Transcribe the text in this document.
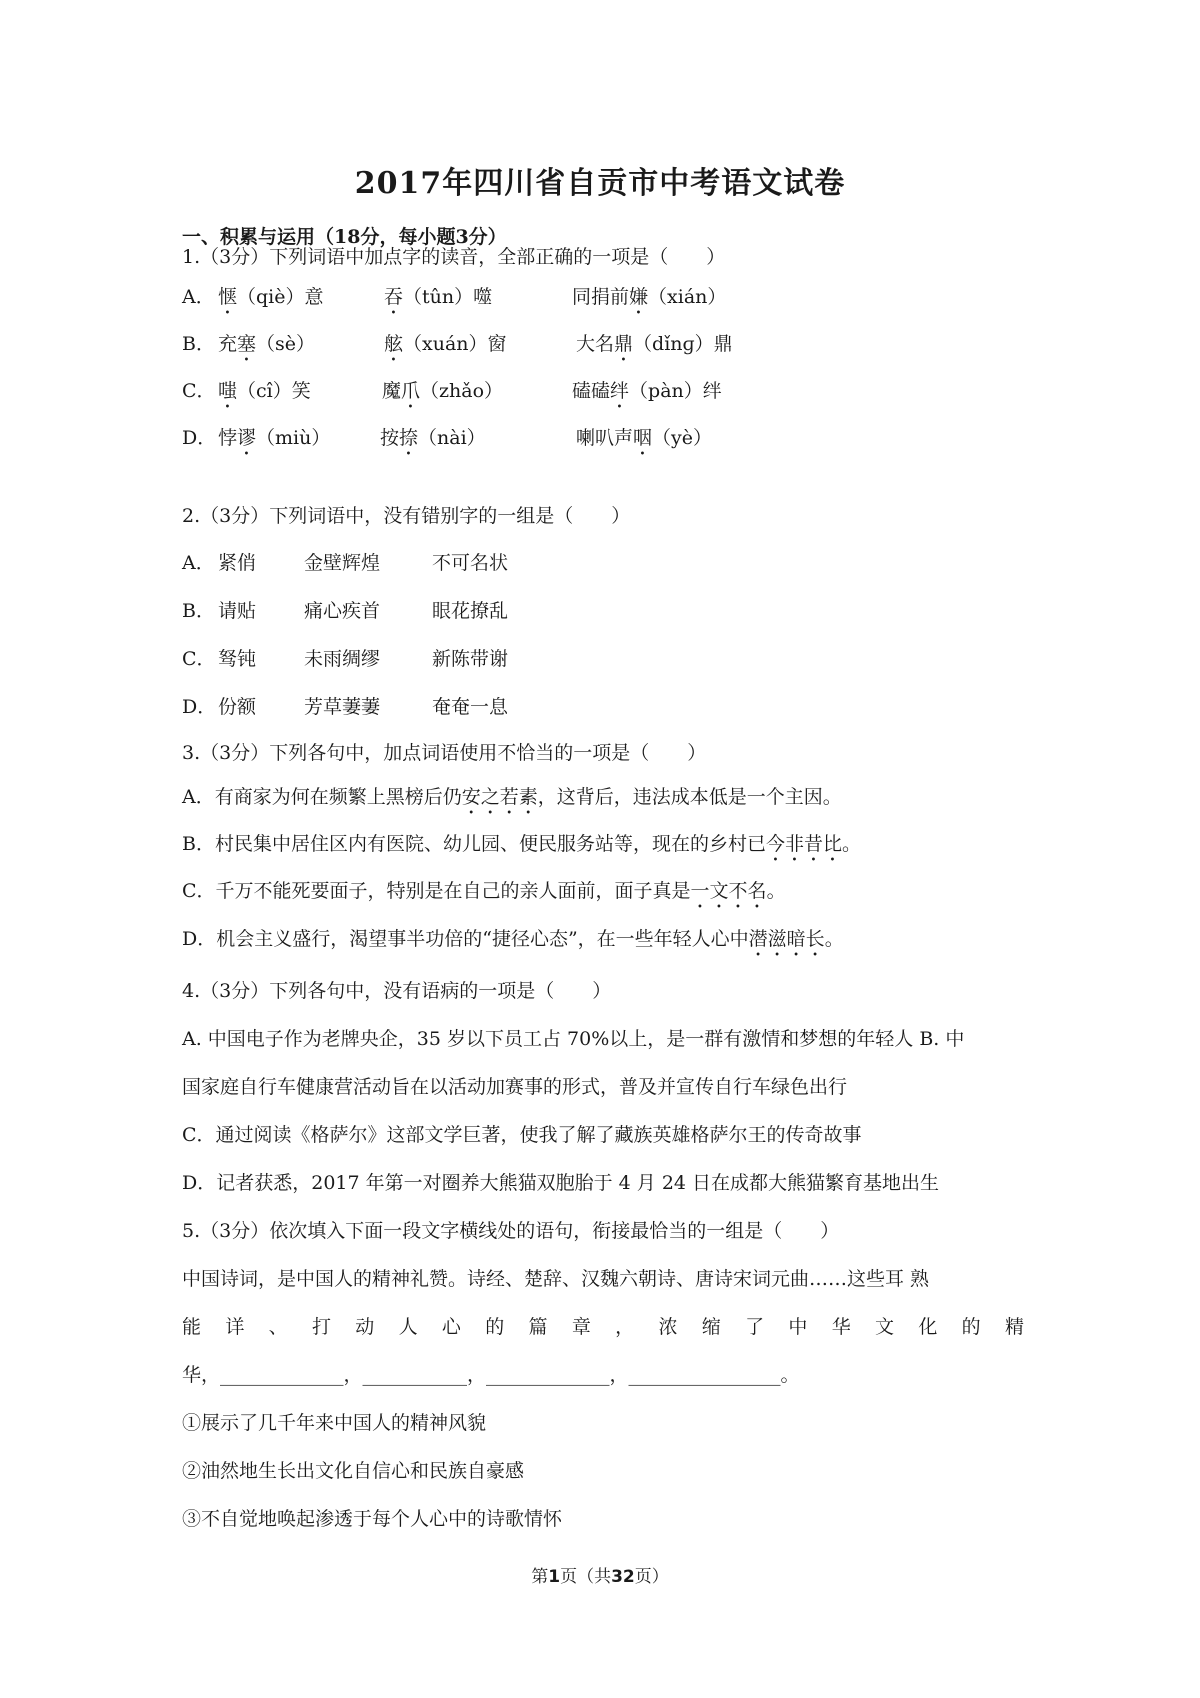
2017年四川省自贡市中考语文试卷
一、积累与运用（18分，每小题3分）
1.（3分）下列词语中加点字的读音，全部正确的一项是（　　）
A． 惬（qiè）意	吞（tûn）噬	同捐前嫌（xián）
B． 充塞（sè）	舷（xuán）窗	大名鼎（dǐnɡ）鼎
C． 嗤（cî）笑	魔爪（zhǎo）	磕磕绊（pàn）绊
D． 悖谬（miù）	按捺（nài）	喇叭声咽（yè）
2.（3分）下列词语中，没有错别字的一组是（　　）
A． 紧俏	金壁辉煌	不可名状
B． 请贴	痛心疾首	眼花撩乱
C． 驽钝	未雨绸缪	新陈带谢
D． 份额	芳草萋萋	奄奄一息
3.（3分）下列各句中，加点词语使用不恰当的一项是（　　）
A．有商家为何在频繁上黑榜后仍安之若素，这背后，违法成本低是一个主因。
B．村民集中居住区内有医院、幼儿园、便民服务站等，现在的乡村已今非昔比。
C．千万不能死要面子，特别是在自己的亲人面前，面子真是一文不名。
D．机会主义盛行，渴望事半功倍的“捷径心态”，在一些年轻人心中潜滋暗长。
4.（3分）下列各句中，没有语病的一项是（　　）
A. 中国电子作为老牌央企，35 岁以下员工占 70%以上，是一群有激情和梦想的年轻人 B. 中
国家庭自行车健康营活动旨在以活动加赛事的形式，普及并宣传自行车绿色出行
C．通过阅读《格萨尔》这部文学巨著，使我了解了藏族英雄格萨尔王的传奇故事
D．记者获悉，2017 年第一对圈养大熊猫双胞胎于 4 月 24 日在成都大熊猫繁育基地出生
5.（3分）依次填入下面一段文字横线处的语句，衔接最恰当的一组是（　　）
中国诗词，是中国人的精神礼赞。诗经、楚辞、汉魏六朝诗、唐诗宋词元曲……这些耳 熟
能 详 、 打 动 人 心 的 篇 章 ， 浓 缩 了 中 华 文 化 的 精
华，_____________，___________，_____________，________________。
①展示了几千年来中国人的精神风貌
②油然地生长出文化自信心和民族自豪感
③不自觉地唤起渗透于每个人心中的诗歌情怀
第1页（共32页）
